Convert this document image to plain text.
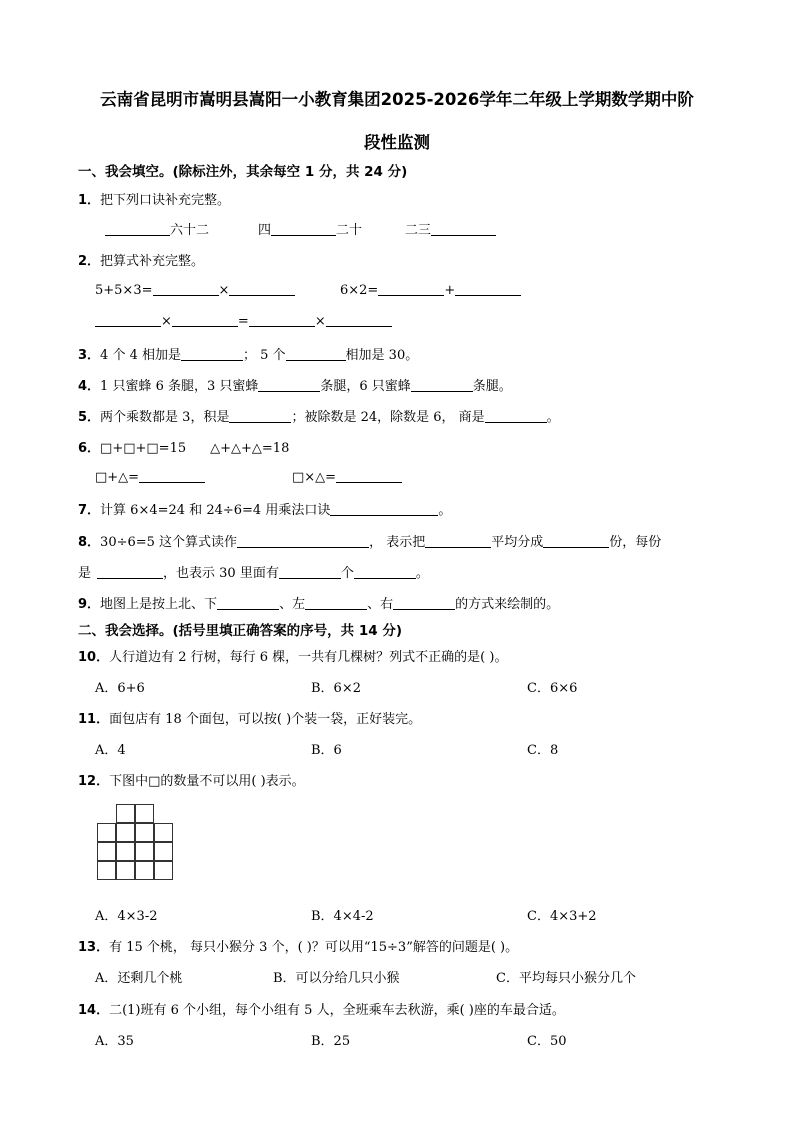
云南省昆明市嵩明县嵩阳一小教育集团2025-2026学年二年级上学期数学期中阶
段性监测
一、我会填空。(除标注外，其余每空 1 分，共 24 分)
1．把下列口诀补充完整。
六十二	四	二十	二三
2．把算式补充完整。
5+5×3=	×	6×2=	+
×	=	×
3．4 个 4 相加是	； 5 个	相加是 30。
4．1 只蜜蜂 6 条腿，3 只蜜蜂	条腿，6 只蜜蜂	条腿。
5．两个乘数都是 3，积是	；被除数是 24，除数是 6， 商是	。
6．□+□+□=15 △+△+△=18
□+△=	□×△=
7．计算 6×4=24 和 24÷6=4 用乘法口诀	。
8．30÷6=5 这个算式读作	， 表示把	平均分成	份，每份
是	，也表示 30 里面有	个	。
9．地图上是按上北、下	、左	、右	的方式来绘制的。
二、我会选择。(括号里填正确答案的序号，共 14 分)
10．人行道边有 2 行树，每行 6 棵，一共有几棵树？列式不正确的是( )。
A．6+6	B．6×2	C．6×6
11．面包店有 18 个面包，可以按( )个装一袋，正好装完。
A．4	B．6	C．8
12．下图中□的数量不可以用( )表示。
A．4×3-2	B．4×4-2	C．4×3+2
13．有 15 个桃， 每只小猴分 3 个，( )？可以用“15÷3”解答的问题是( )。
A．还剩几个桃	B．可以分给几只小猴	C．平均每只小猴分几个
14．二(1)班有 6 个小组，每个小组有 5 人，全班乘车去秋游，乘( )座的车最合适。
A．35	B．25	C．50
